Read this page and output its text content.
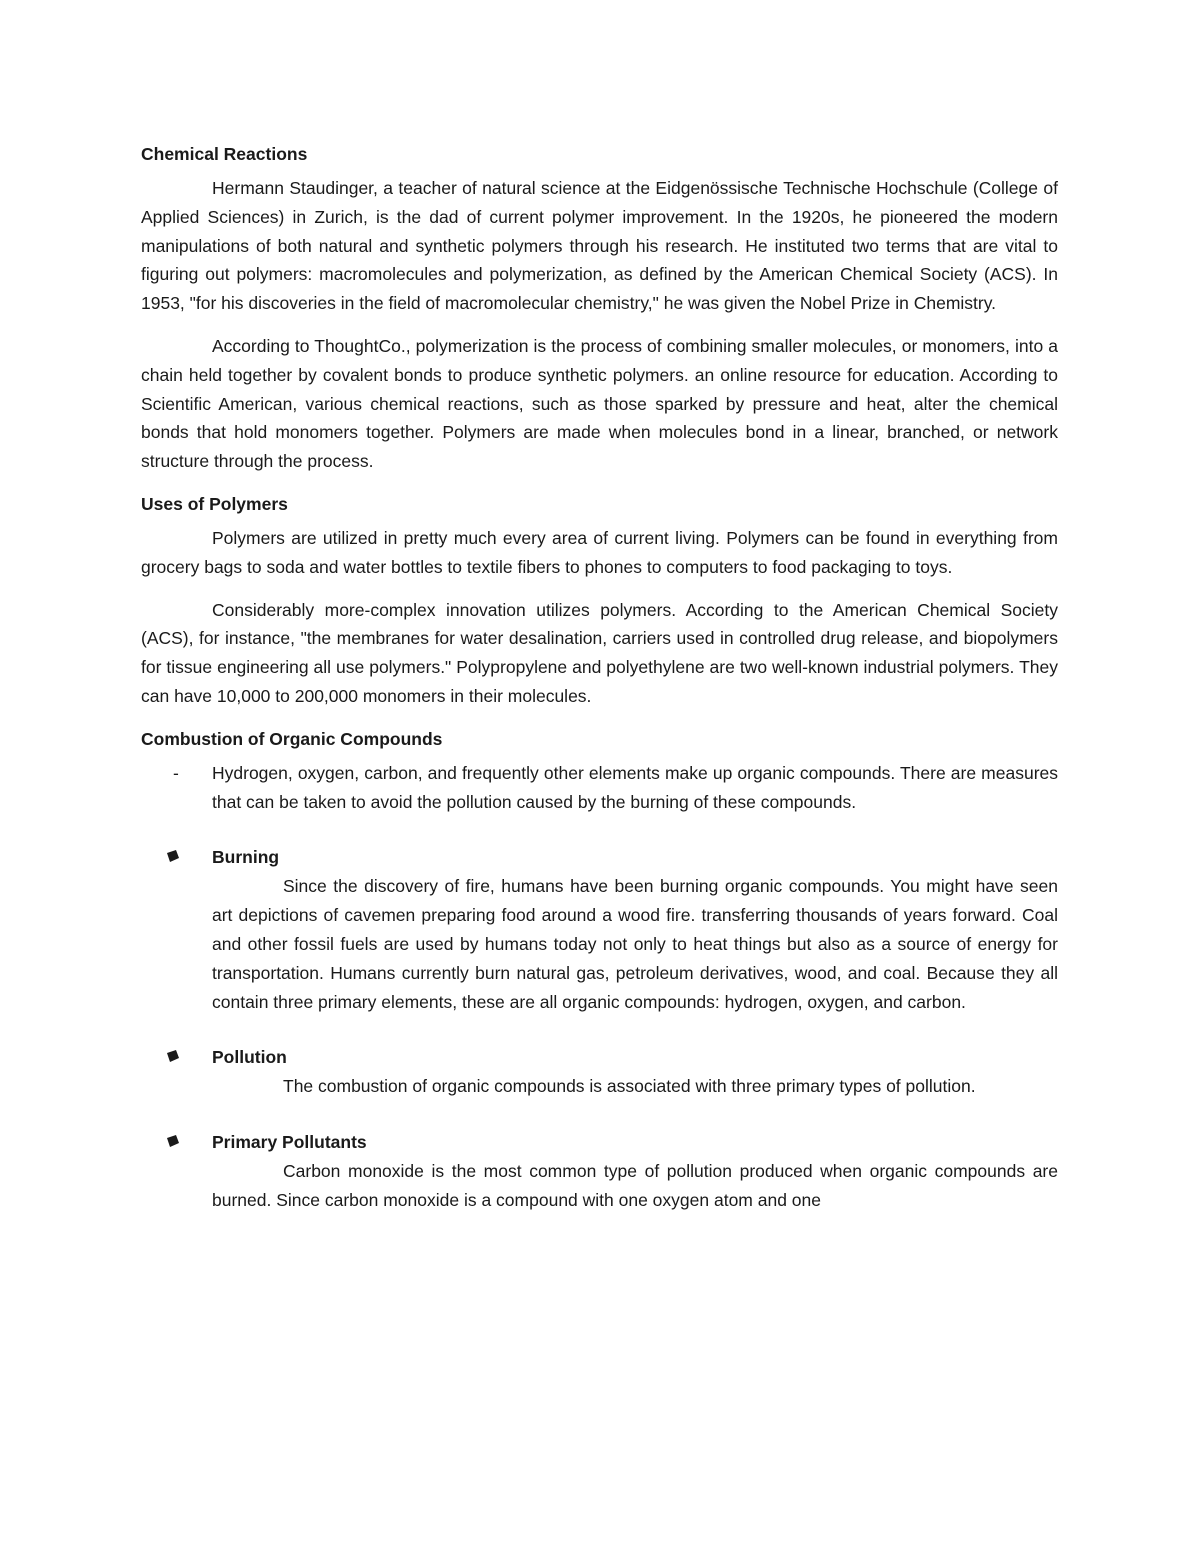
Chemical Reactions

Hermann Staudinger, a teacher of natural science at the Eidgenössische Technische Hochschule (College of Applied Sciences) in Zurich, is the dad of current polymer improvement. In the 1920s, he pioneered the modern manipulations of both natural and synthetic polymers through his research. He instituted two terms that are vital to figuring out polymers: macromolecules and polymerization, as defined by the American Chemical Society (ACS). In 1953, "for his discoveries in the field of macromolecular chemistry," he was given the Nobel Prize in Chemistry.

According to ThoughtCo., polymerization is the process of combining smaller molecules, or monomers, into a chain held together by covalent bonds to produce synthetic polymers. an online resource for education. According to Scientific American, various chemical reactions, such as those sparked by pressure and heat, alter the chemical bonds that hold monomers together. Polymers are made when molecules bond in a linear, branched, or network structure through the process.

Uses of Polymers

Polymers are utilized in pretty much every area of current living. Polymers can be found in everything from grocery bags to soda and water bottles to textile fibers to phones to computers to food packaging to toys.

Considerably more-complex innovation utilizes polymers. According to the American Chemical Society (ACS), for instance, "the membranes for water desalination, carriers used in controlled drug release, and biopolymers for tissue engineering all use polymers." Polypropylene and polyethylene are two well-known industrial polymers. They can have 10,000 to 200,000 monomers in their molecules.

Combustion of Organic Compounds
- Hydrogen, oxygen, carbon, and frequently other elements make up organic compounds. There are measures that can be taken to avoid the pollution caused by the burning of these compounds.
Burning

Since the discovery of fire, humans have been burning organic compounds. You might have seen art depictions of cavemen preparing food around a wood fire. transferring thousands of years forward. Coal and other fossil fuels are used by humans today not only to heat things but also as a source of energy for transportation. Humans currently burn natural gas, petroleum derivatives, wood, and coal. Because they all contain three primary elements, these are all organic compounds: hydrogen, oxygen, and carbon.

Pollution

The combustion of organic compounds is associated with three primary types of pollution.

Primary Pollutants

Carbon monoxide is the most common type of pollution produced when organic compounds are burned. Since carbon monoxide is a compound with one oxygen atom and one
